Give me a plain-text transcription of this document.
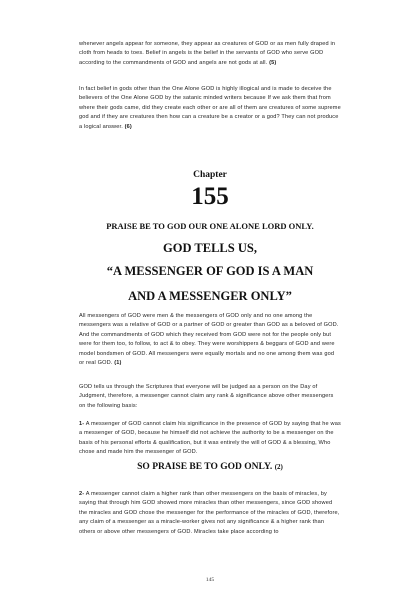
whenever angels appear for someone, they appear as creatures of GOD or as men fully draped in cloth from heads to toes. Belief in angels is the belief in the servants of GOD who serve GOD according to the commandments of GOD and angels are not gods at all. (5)

In fact belief in gods other than the One Alone GOD is highly illogical and is made to deceive the believers of the One Alone GOD by the satanic minded writers because If we ask them that from where their gods came, did they create each other or are all of them are creatures of some supreme god and if they are creatures then how can a creature be a creator or a god? They can not produce a logical answer. (6)

Chapter
155
PRAISE BE TO GOD OUR ONE ALONE LORD ONLY.
GOD TELLS US,
“A MESSENGER OF GOD IS A MAN
AND A MESSENGER ONLY”

All messengers of GOD were men & the messengers of GOD only and no one among the messengers was a relative of GOD or a partner of GOD or greater than GOD as a beloved of GOD. And the commandments of GOD which they received from GOD were not for the people only but were for them too, to follow, to act & to obey. They were worshippers & beggars of GOD and were model bondsmen of GOD. All messengers were equally mortals and no one among them was god or real GOD. (1)

GOD tells us through the Scriptures that everyone will be judged as a person on the Day of Judgment, therefore, a messenger cannot claim any rank & significance above other messengers on the following basis:

1- A messenger of GOD cannot claim his significance in the presence of GOD by saying that he was a messenger of GOD, because he himself did not achieve the authority to be a messenger on the basis of his personal efforts & qualification, but it was entirely the will of GOD & a blessing, Who chose and made him the messenger of GOD.

SO PRAISE BE TO GOD ONLY. (2)

2- A messenger cannot claim a higher rank than other messengers on the basis of miracles, by saying that through him GOD showed more miracles than other messengers, since GOD showed the miracles and GOD chose the messenger for the performance of the miracles of GOD, therefore, any claim of a messenger as a miracle-worker gives not any significance & a higher rank than others or above other messengers of GOD. Miracles take place according to

145
